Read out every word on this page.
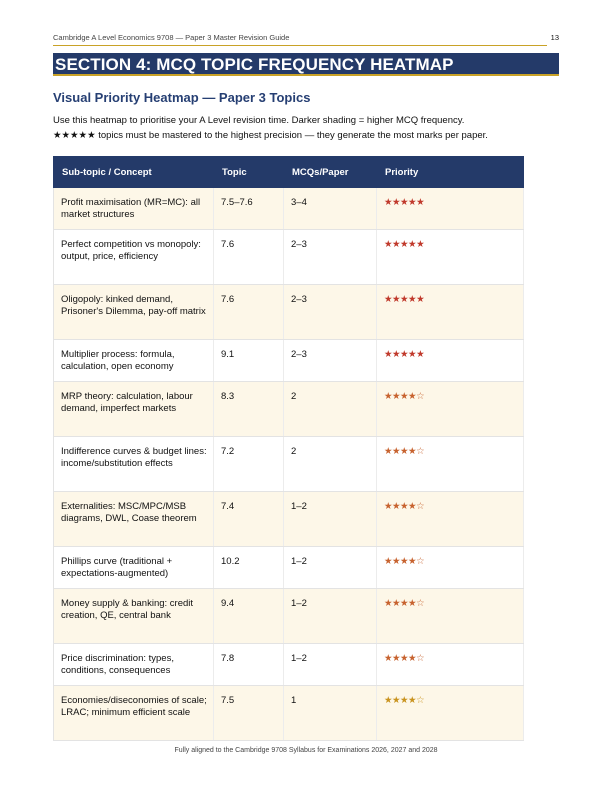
Cambridge A Level Economics 9708 — Paper 3 Master Revision Guide	13
SECTION 4: MCQ TOPIC FREQUENCY HEATMAP
Visual Priority Heatmap — Paper 3 Topics
Use this heatmap to prioritise your A Level revision time. Darker shading = higher MCQ frequency.
★★★★★ topics must be mastered to the highest precision — they generate the most marks per paper.
Sub-topic / Concept	Topic	MCQs/Paper	Priority
Profit maximisation (MR=MC): all market structures	7.5–7.6	3–4	★★★★★
Perfect competition vs monopoly: output, price, efficiency	7.6	2–3	★★★★★
Oligopoly: kinked demand, Prisoner's Dilemma, pay-off matrix	7.6	2–3	★★★★★
Multiplier process: formula, calculation, open economy	9.1	2–3	★★★★★
MRP theory: calculation, labour demand, imperfect markets	8.3	2	★★★★☆
Indifference curves & budget lines: income/substitution effects	7.2	2	★★★★☆
Externalities: MSC/MPC/MSB diagrams, DWL, Coase theorem	7.4	1–2	★★★★☆
Phillips curve (traditional + expectations-augmented)	10.2	1–2	★★★★☆
Money supply & banking: credit creation, QE, central bank	9.4	1–2	★★★★☆
Price discrimination: types, conditions, consequences	7.8	1–2	★★★★☆
Economies/diseconomies of scale; LRAC; minimum efficient scale	7.5	1	★★★★☆
Fully aligned to the Cambridge 9708 Syllabus for Examinations 2026, 2027 and 2028
